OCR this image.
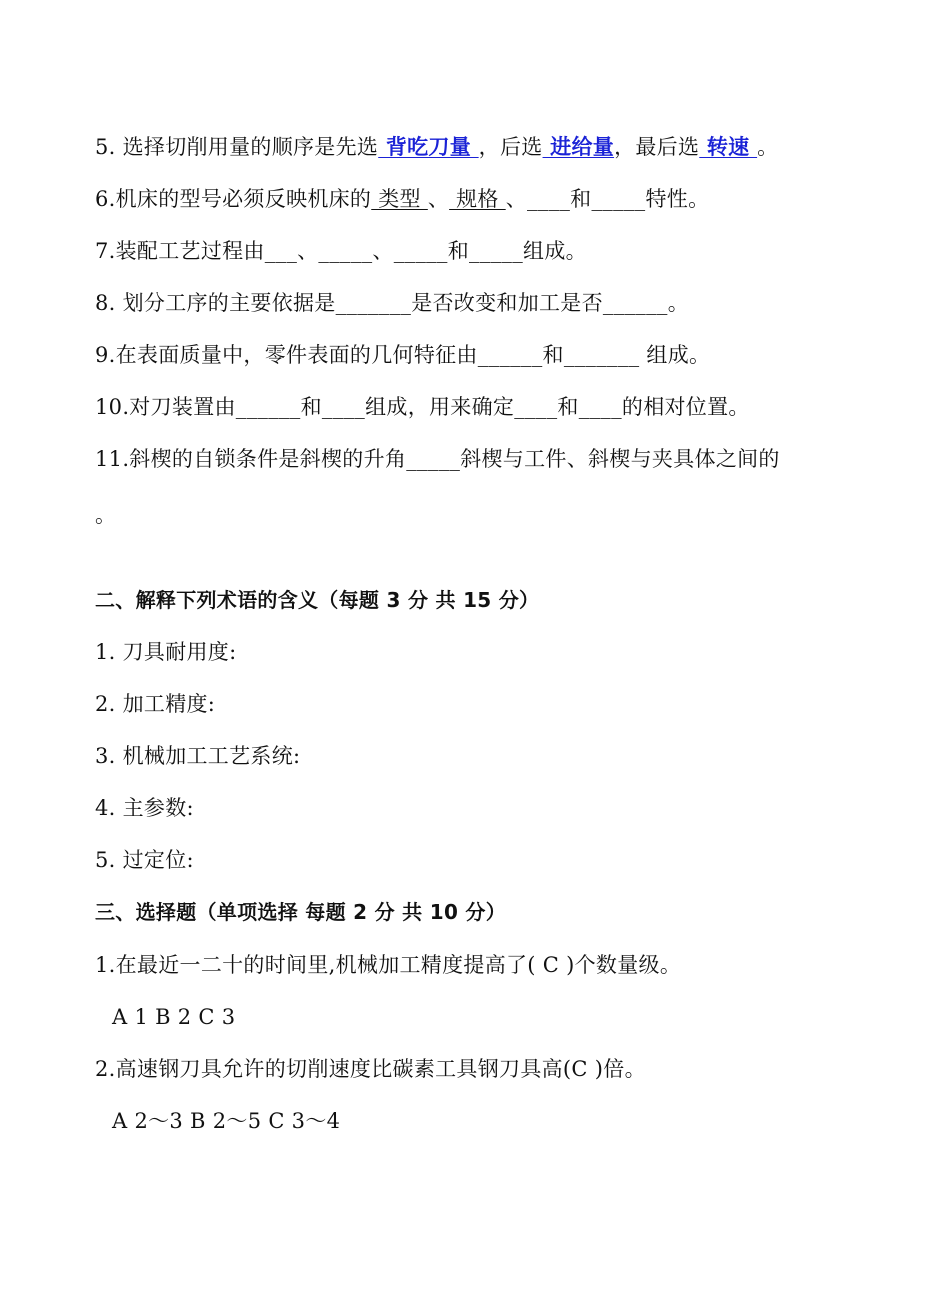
5. 选择切削用量的顺序是先选 背吃刀量 ，后选 进给量，最后选 转速 。
6.机床的型号必须反映机床的 类型 、 规格 、____和_____特性。
7.装配工艺过程由___、_____、_____和_____组成。
8. 划分工序的主要依据是_______是否改变和加工是否______。
9.在表面质量中，零件表面的几何特征由______和_______ 组成。
10.对刀装置由______和____组成，用来确定____和____的相对位置。
11.斜楔的自锁条件是斜楔的升角_____斜楔与工件、斜楔与夹具体之间的
。
二、解释下列术语的含义（每题 3 分 共 15 分）
1. 刀具耐用度:
2. 加工精度:
3. 机械加工工艺系统:
4. 主参数:
5. 过定位:
三、选择题（单项选择 每题 2 分 共 10 分）
1.在最近一二十的时间里,机械加工精度提高了( C )个数量级。
A 1 B 2 C 3
2.高速钢刀具允许的切削速度比碳素工具钢刀具高(C )倍。
A 2～3 B 2～5 C 3～4
